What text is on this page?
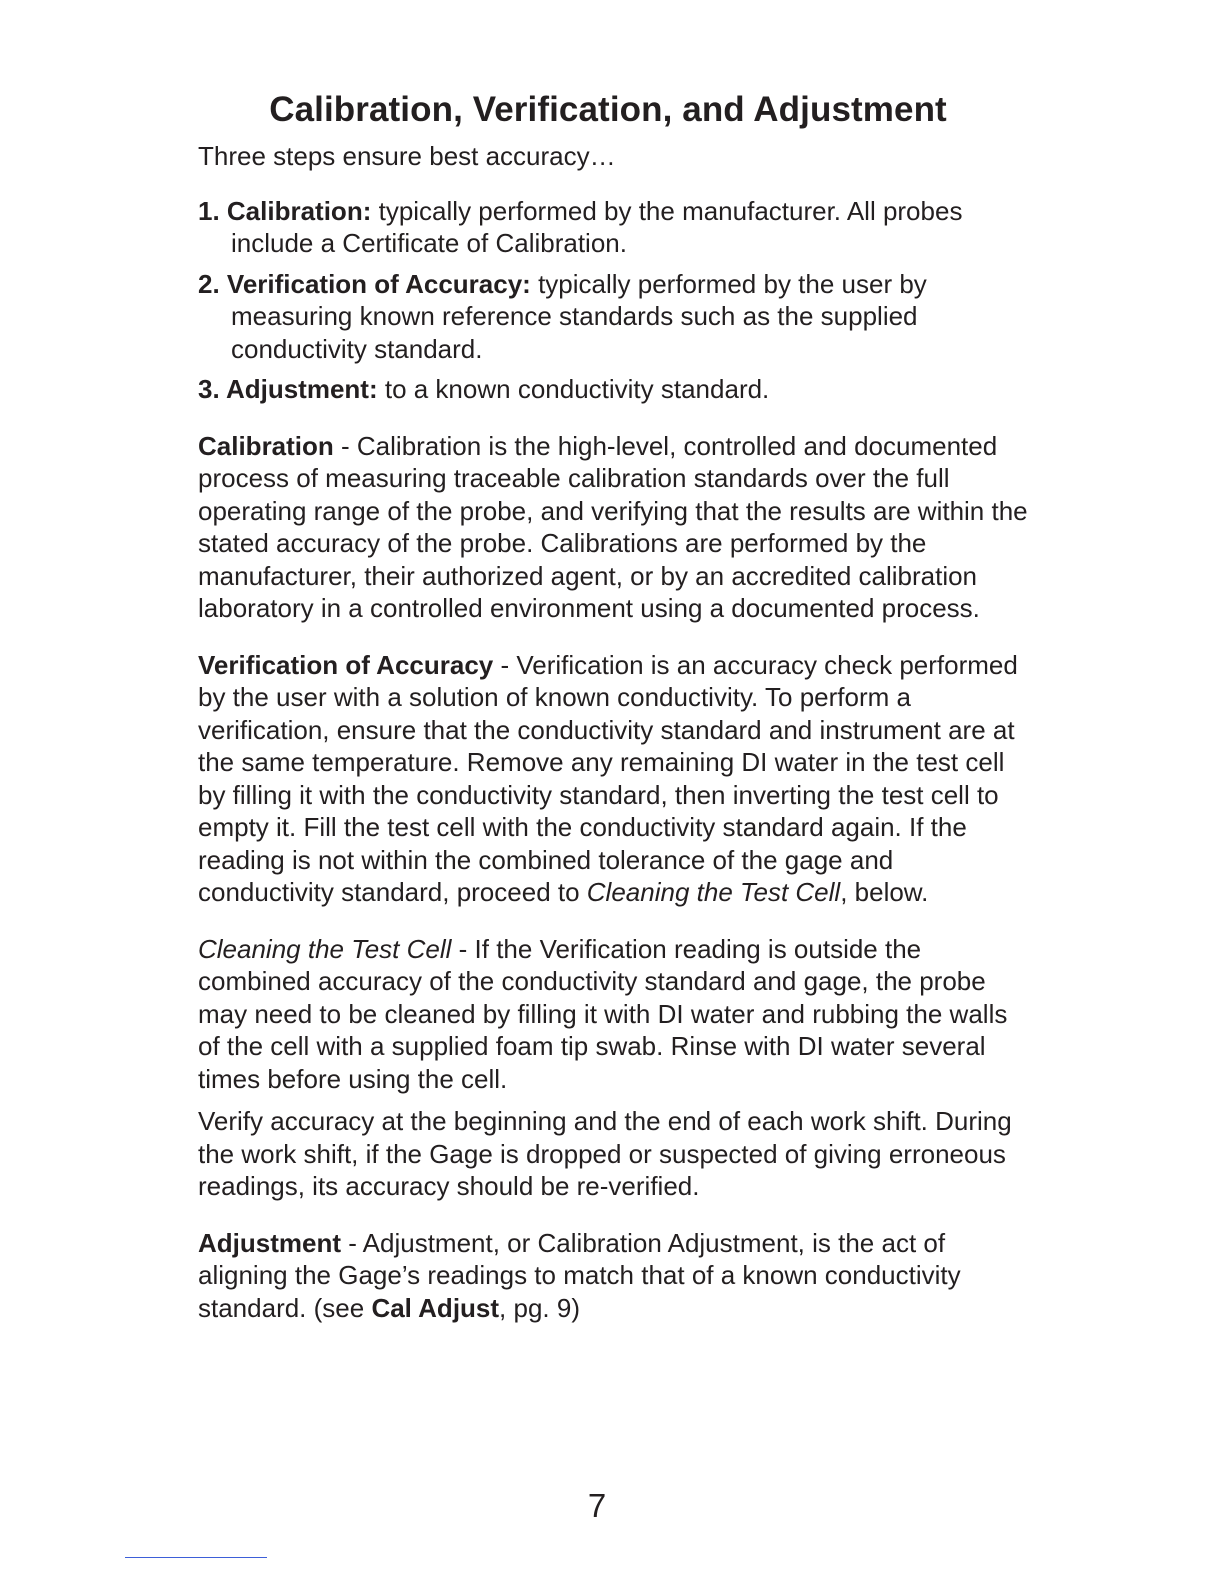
Calibration, Verification, and Adjustment

Three steps ensure best accuracy…

1. Calibration: typically performed by the manufacturer. All probes include a Certificate of Calibration.
2. Verification of Accuracy: typically performed by the user by measuring known reference standards such as the supplied conductivity standard.
3. Adjustment: to a known conductivity standard.

Calibration - Calibration is the high-level, controlled and documented process of measuring traceable calibration standards over the full operating range of the probe, and verifying that the results are within the stated accuracy of the probe. Calibrations are performed by the manufacturer, their authorized agent, or by an accredited calibration laboratory in a controlled environment using a documented process.

Verification of Accuracy - Verification is an accuracy check performed by the user with a solution of known conductivity. To perform a verification, ensure that the conductivity standard and instrument are at the same temperature. Remove any remaining DI water in the test cell by filling it with the conductivity standard, then inverting the test cell to empty it. Fill the test cell with the conductivity standard again. If the reading is not within the combined tolerance of the gage and conductivity standard, proceed to Cleaning the Test Cell, below.

Cleaning the Test Cell - If the Verification reading is outside the combined accuracy of the conductivity standard and gage, the probe may need to be cleaned by filling it with DI water and rubbing the walls of the cell with a supplied foam tip swab. Rinse with DI water several times before using the cell.

Verify accuracy at the beginning and the end of each work shift. During the work shift, if the Gage is dropped or suspected of giving erroneous readings, its accuracy should be re-verified.

Adjustment - Adjustment, or Calibration Adjustment, is the act of aligning the Gage’s readings to match that of a known conductivity standard. (see Cal Adjust, pg. 9)

7
